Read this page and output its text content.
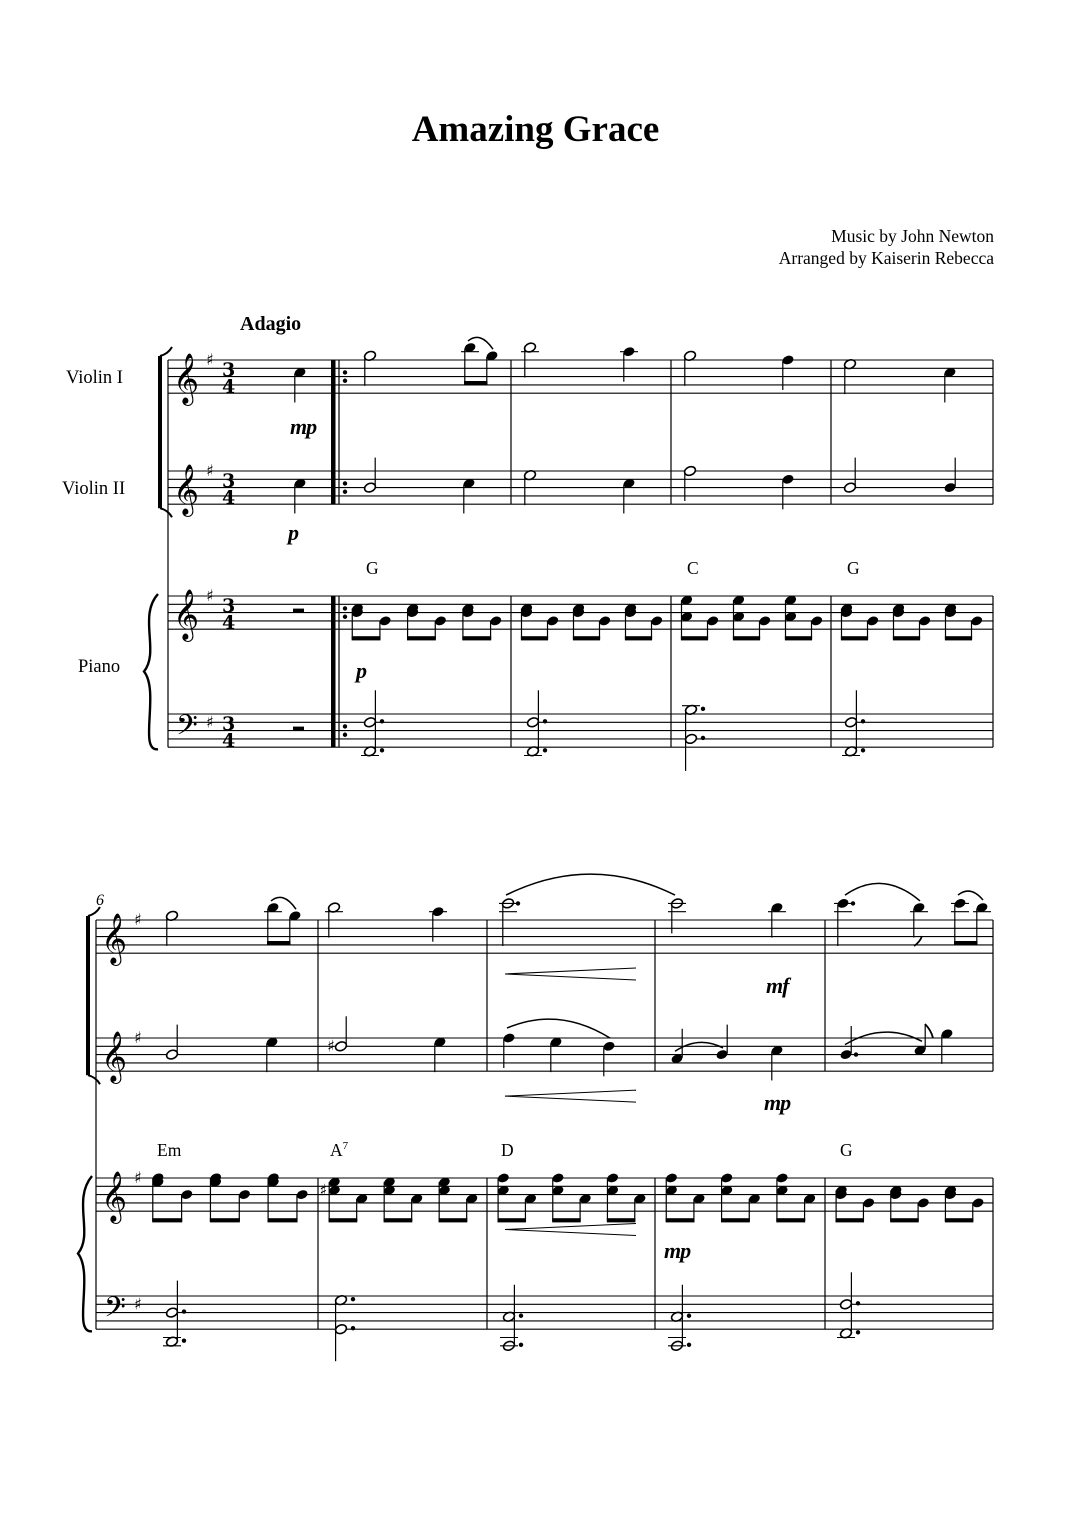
Amazing Grace
Music by John Newton
Arranged by Kaiserin Rebecca
Adagio
Violin I
Violin II
Piano
G	C	G
mp
p
p
6
Em	$A^7$	D	G
mf
mp
mp
𝄞 ♯ 3
4
𝄞 ♯ 3
4
𝄞 ♯ 3
4
𝄢 ♯ 3
4
𝄞 ♯
𝄞 ♯
𝄞 ♯
𝄢 ♯
♯
♯
